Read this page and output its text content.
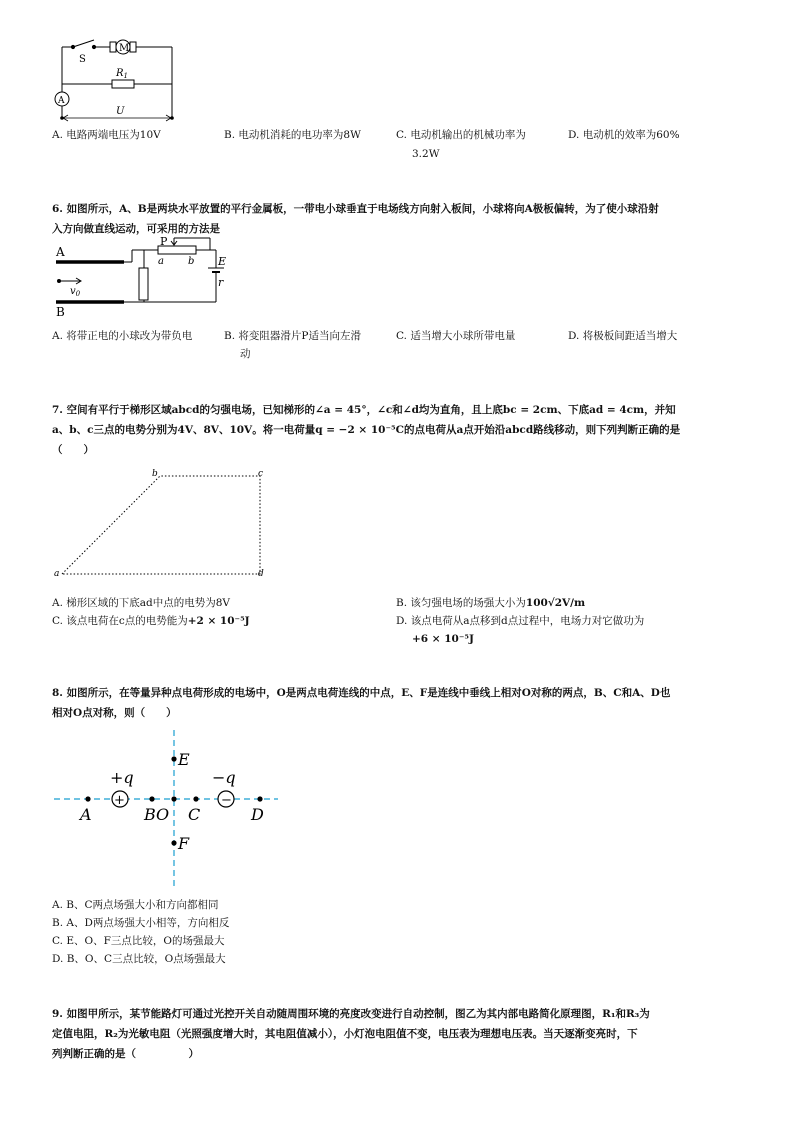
S
M
$R_1$
A
U
A. 电路两端电压为10V	B. 电动机消耗的电功率为8W	C. 电动机输出的机械功率为
3.2W
D. 电动机的效率为60%
6. 如图所示，A、B是两块水平放置的平行金属板，一带电小球垂直于电场线方向射入板间，小球将向A极板偏转，为了使小球沿射
入方向做直线运动，可采用的方法是
A
B
$v_0$
P
a b E
r
A. 将带正电的小球改为带负电	B. 将变阻器滑片P适当向左滑
动
C. 适当增大小球所带电量	D. 将极板间距适当增大
7. 空间有平行于梯形区域abcd的匀强电场，已知梯形的∠a = 45°，∠c和∠d均为直角，且上底bc = 2cm、下底ad = 4cm，并知
a、b、c三点的电势分别为4V、8V、10V。将一电荷量q = −2 × 10⁻⁵C的点电荷从a点开始沿abcd路线移动，则下列判断正确的是
（　　）
a
b	c
d
A. 梯形区域的下底ad中点的电势为8V	B. 该匀强电场的场强大小为100√2V/m
C. 该点电荷在c点的电势能为+2 × 10⁻⁵J	D. 该点电荷从a点移到d点过程中，电场力对它做功为
+6 × 10⁻⁵J
8. 如图所示，在等量异种点电荷形成的电场中，O是两点电荷连线的中点，E、F是连线中垂线上相对O对称的两点，B、C和A、D也
相对O点对称，则（　　）
+	−
+q	−q
E
F
A	BO C	D
A. B、C两点场强大小和方向都相同
B. A、D两点场强大小相等，方向相反
C. E、O、F三点比较，O的场强最大
D. B、O、C三点比较，O点场强最大
9. 如图甲所示，某节能路灯可通过光控开关自动随周围环境的亮度改变进行自动控制，图乙为其内部电路简化原理图，R₁和R₃为
定值电阻，R₂为光敏电阻（光照强度增大时，其电阻值减小），小灯泡电阻值不变，电压表为理想电压表。当天逐渐变亮时，下
列判断正确的是（　　　　　）
